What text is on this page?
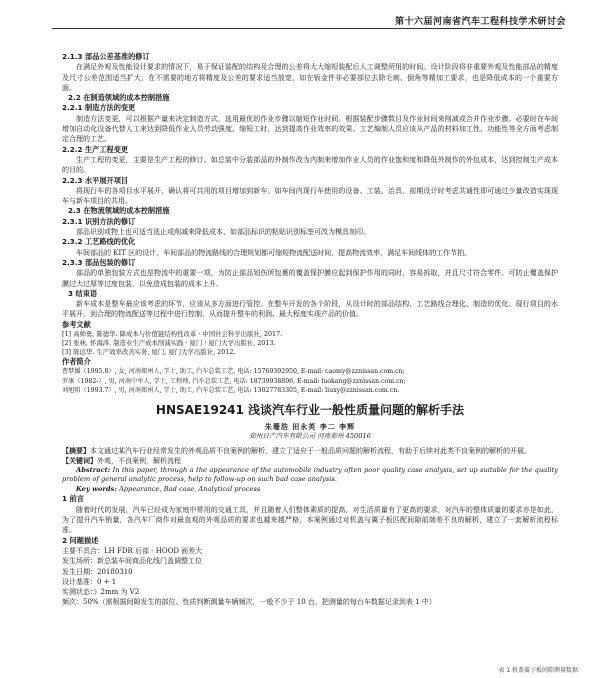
第十六届河南省汽车工程科技学术研讨会
2.1.3 部品公差基准的修订

在满足外观及性能设计要求的情况下，易于保证装配的结构及合理的公差将大大缩短装配后人工调整所用的时间。设计阶段将非重要外观及性能部品的精度及尺寸公差范围适当扩大，在不需要的地方将精度及公差的要求适当放宽，如在钣金件非必要部位去除毛刺、倒角等精加工要求，也是降低成本的一个重要方面。

2.2 在制造领域的成本控制措施
2.2.1 制造方法的变更

制造方法变更，可以根据产量来决定制造方式，选用最优的作业步骤以缩短作业时间。根据装配步骤数目及作业时间来削减或合并作业步骤。必要时在车间增加自动化设备代替人工来达到降低作业人员劳动强度、缩短工时，达到提高作业效率的效果。工艺编制人员应该从产品的材料加工性、功能性等全方面考虑制定合理的工艺。

2.2.2 生产工程变更

生产工程的变更，主要是生产工程的修订。如总装中分装部品的外制作改为内制来增加作业人员的作业饱和度和降低外制作的外包成本，达到控制生产成本的目的。

2.2.3 水平展开项目

将现行车的各项目水平展开，确认将可共用的项目增加到新车。如车间内现行车使用的设备、工装、治具，前期设计时考虑共通性即可通过少量改造实现现车与新车项目的共用。

2.3 在物流领域的成本控制措施
2.3.1 识别方法的修订

部品识别或物上也可适当选止或削减来降低成本，如部品标识的粘贴识别标签可改为模具刻印。

2.3.2 工艺路线的优化

车间部品的 KIT 区的设计，车间部品的物流路线的合理规划都可缩短物流配送时间，提高物流效率，满足车间线体的工作节拍。

2.3.3 部品包装的修订

部品的单独包装方式也是物流中的重要一项，为防止部品划伤所包裹的覆盖保护膜应起到保护作用的同时，容易拆取，并且尺寸符合零件。可防止覆盖保护膜过大过厚等过度包装，以免造成包装的成本上升。

3 结束语

新车成本是整车最应该考虑的环节，应该从多方面进行管控。在整车开发的各个阶段，从设计时的部品结构、工艺路线合理化、制造的优化、现行项目的水平展开，到合理的物流配送等过程中进行控制，从而提升整车的利润、最大程度实现产品的价值。

参考文献
[1] 高帅勇, 陈德华. 降成本与价值链结构性改革 · 中国社会科学出版社, 2017.
[2] 张林, 怀海涛. 制造业生产成本削减实践 · 厦门 · 厦门大学出版社, 2013.
[3] 陈远华. 生产效率改善实务, 厦门, 厦门大学出版社, 2012.
作者简介
曹梦媛（1995.8）, 女, 河南郑州人, 学士, 助工, 汽车总装工艺, 电话: 15769392950, E-mail: caomy@zznissan.com.cn;
罗康（1982-）, 男, 河南中牟人, 学士, 工程师, 汽车总装工艺, 电话: 18739938896, E-mail: luokang@zznissan.com.cn;
刘旭阳（1993.7）, 男, 河南郑州人, 学士, 助工, 汽车总装工艺, 电话: 13027783305, E-mail: liuxy@zznissan.com.cn.
HNSAE19241 浅谈汽车行业一般性质量问题的解析手法
朱珊浩 田永英 李二 李辉
郑州日产汽车有限公司 河南郑州 450016

【摘要】本文通过某汽车行业经常发生的外观品质不良案例的解析，建立了适应于一般品质问题的解析流程，有助于后续对此类不良案例的解析的开展。

【关键词】外观，不良案例，解析流程

Abstract: In this paper, through a the appearance of the automobile industry often poor quality case analysis, set up suitable for the quality problem of general analytic process, help to follow-up on such bad case analysis.

Key words: Appearance, Bad case, Analytical process

1 前言

随着时代的发展，汽车已经成为家庭中常用的交通工具，并且随着人们整体素质的提高，对生活质量有了更高的要求，对汽车的整体质量的要求亦是如此，为了提升汽车销量，各汽车厂商作对最直观的外观品质的要求也越来越严格，本案例通过对机盖与翼子板匹配间隙前端差不良的解析，建立了一套解析流程标准。

2 问题描述
主要不具合：LH FDR 后部 - HOOD 面差大
发生场所：新总装车间商品化线门盖调整工位
发生日期：20180310
设计基准：0 + 1
实测状态：》2mm 为 V2
频次：50%（需根据间隙发生的部位、性质判断测量车辆频次，一般不少于 10 台，把测量的每台车数据记录到表 1 中）
表 1 机盖翼子板间隙测量数据
